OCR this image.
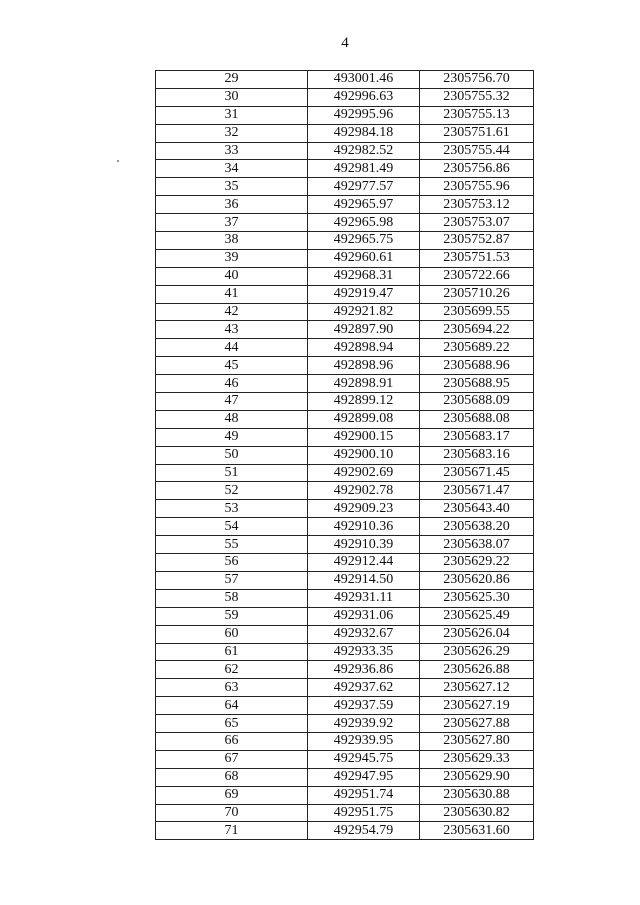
4
29	493001.46	2305756.70
30	492996.63	2305755.32
31	492995.96	2305755.13
32	492984.18	2305751.61
33	492982.52	2305755.44
34	492981.49	2305756.86
35	492977.57	2305755.96
36	492965.97	2305753.12
37	492965.98	2305753.07
38	492965.75	2305752.87
39	492960.61	2305751.53
40	492968.31	2305722.66
41	492919.47	2305710.26
42	492921.82	2305699.55
43	492897.90	2305694.22
44	492898.94	2305689.22
45	492898.96	2305688.96
46	492898.91	2305688.95
47	492899.12	2305688.09
48	492899.08	2305688.08
49	492900.15	2305683.17
50	492900.10	2305683.16
51	492902.69	2305671.45
52	492902.78	2305671.47
53	492909.23	2305643.40
54	492910.36	2305638.20
55	492910.39	2305638.07
56	492912.44	2305629.22
57	492914.50	2305620.86
58	492931.11	2305625.30
59	492931.06	2305625.49
60	492932.67	2305626.04
61	492933.35	2305626.29
62	492936.86	2305626.88
63	492937.62	2305627.12
64	492937.59	2305627.19
65	492939.92	2305627.88
66	492939.95	2305627.80
67	492945.75	2305629.33
68	492947.95	2305629.90
69	492951.74	2305630.88
70	492951.75	2305630.82
71	492954.79	2305631.60
